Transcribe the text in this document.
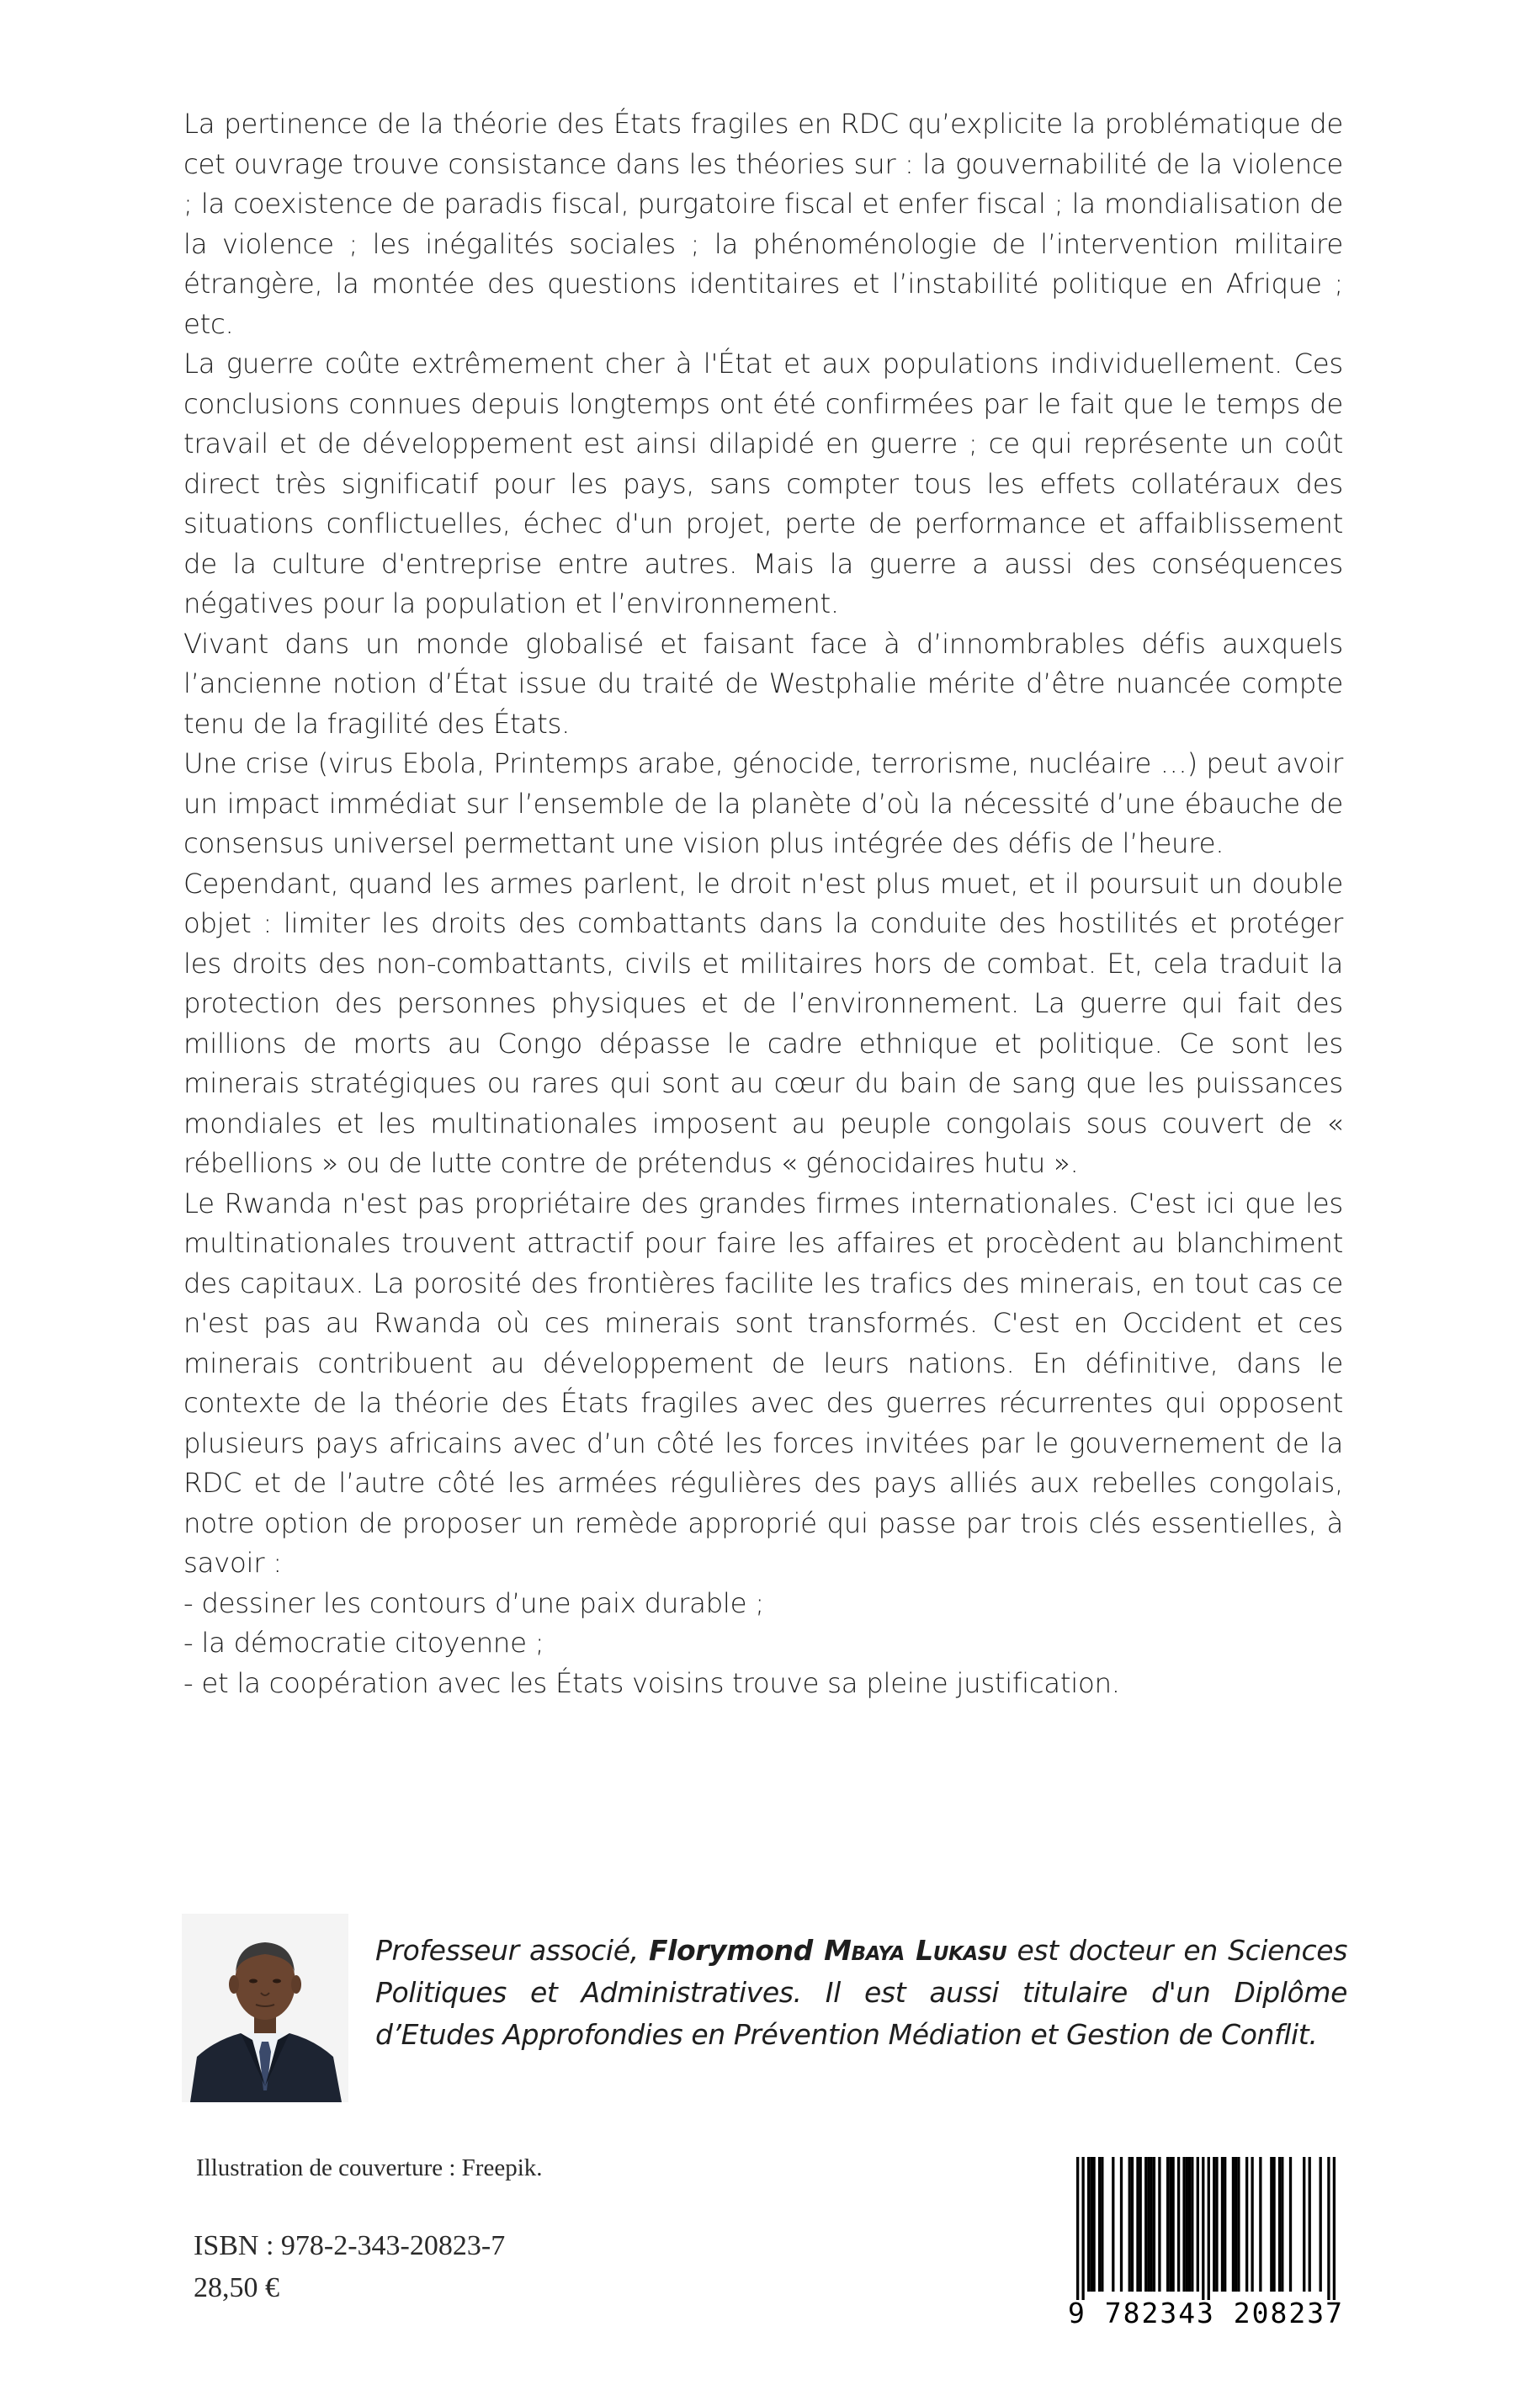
La pertinence de la théorie des États fragiles en RDC qu’explicite la problématique de cet ouvrage trouve consistance dans les théories sur : la gouvernabilité de la violence ; la coexistence de paradis fiscal, purgatoire fiscal et enfer fiscal ; la mondialisation de la violence ; les inégalités sociales ; la phénoménologie de l’intervention militaire étrangère, la montée des questions identitaires et l’instabilité politique en Afrique ; etc.

La guerre coûte extrêmement cher à l'État et aux populations individuellement. Ces conclusions connues depuis longtemps ont été confirmées par le fait que le temps de travail et de développement est ainsi dilapidé en guerre ; ce qui représente un coût direct très significatif pour les pays, sans compter tous les effets collatéraux des situations conflictuelles, échec d'un projet, perte de performance et affaiblissement de la culture d'entreprise entre autres. Mais la guerre a aussi des conséquences négatives pour la population et l’environnement.

Vivant dans un monde globalisé et faisant face à d’innombrables défis auxquels l’ancienne notion d’État issue du traité de Westphalie mérite d’être nuancée compte tenu de la fragilité des États.

Une crise (virus Ebola, Printemps arabe, génocide, terrorisme, nucléaire …) peut avoir un impact immédiat sur l’ensemble de la planète d’où la nécessité d’une ébauche de consensus universel permettant une vision plus intégrée des défis de l’heure.

Cependant, quand les armes parlent, le droit n'est plus muet, et il poursuit un double objet : limiter les droits des combattants dans la conduite des hostilités et protéger les droits des non-combattants, civils et militaires hors de combat. Et, cela traduit la protection des personnes physiques et de l’environnement. La guerre qui fait des millions de morts au Congo dépasse le cadre ethnique et politique. Ce sont les minerais stratégiques ou rares qui sont au cœur du bain de sang que les puissances mondiales et les multinationales imposent au peuple congolais sous couvert de « rébellions » ou de lutte contre de prétendus « génocidaires hutu ».

Le Rwanda n'est pas propriétaire des grandes firmes internationales. C'est ici que les multinationales trouvent attractif pour faire les affaires et procèdent au blanchiment des capitaux. La porosité des frontières facilite les trafics des minerais, en tout cas ce n'est pas au Rwanda où ces minerais sont transformés. C'est en Occident et ces minerais contribuent au développement de leurs nations. En définitive, dans le contexte de la théorie des États fragiles avec des guerres récurrentes qui opposent plusieurs pays africains avec d’un côté les forces invitées par le gouvernement de la RDC et de l’autre côté les armées régulières des pays alliés aux rebelles congolais, notre option de proposer un remède approprié qui passe par trois clés essentielles, à savoir :

- dessiner les contours d’une paix durable ;

- la démocratie citoyenne ;

- et la coopération avec les États voisins trouve sa pleine justification.

Professeur associé, Florymond Mbaya Lukasu est docteur en Sciences Politiques et Administratives. Il est aussi titulaire d'un Diplôme d’Etudes Approfondies en Prévention Médiation et Gestion de Conflit.
Illustration de couverture : Freepik.
ISBN : 978-2-343-20823-7
28,50 €
9 782343 208237
